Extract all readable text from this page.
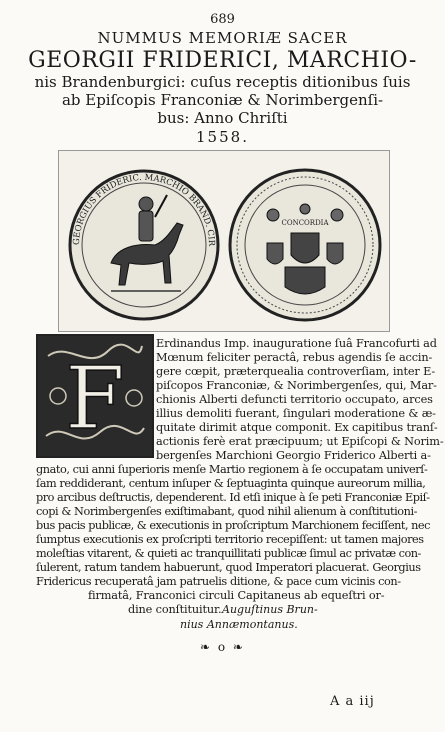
689
NUMMUS MEMORIÆ SACER
GEORGII FRIDERICI, MARCHIO-
nis Brandenburgici: cuſus receptis ditionibus ſuis
ab Epiſcopis Franconiæ & Norimbergenſi-
bus: Anno Chriſti
1558.
GEORGIUS FRIDERIC. MARCHIO BRAND. CIR
CONCORDIA
F
Erdinandus Imp. inauguratione ſuâ Francofurti ad
Mœnum feliciter peractâ, rebus agendis ſe accin-
gere cœpit, prӕterquealia controverſiam, inter E-
piſcopos Franconiæ, & Norimbergenſes, qui, Mar-
chionis Alberti defuncti territorio occupato, arces
illius demoliti fuerant, ſingulari moderatione & æ-
quitate dirimit atque componit. Ex capitibus tranſ-
actionis ferè erat præcipuum; ut Epiſcopi & Norim-
bergenſes Marchioni Georgio Friderico Alberti a-
gnato, cui anni ſuperioris menſe Martio regionem à ſe occupatam univerſ-
ſam reddiderant, centum inſuper & ſeptuaginta quinque aureorum millia,
pro arcibus deſtructis, dependerent. Id etſi inique à ſe peti Franconiæ Epiſ-
copi & Norimbergenſes exiſtimabant, quod nihil alienum à conſtitutioni-
bus pacis publicæ, & executionis in proſcriptum Marchionem feciſſent, nec
ſumptus executionis ex proſcripti territorio recepiſſent: ut tamen majores
moleſtias vitarent, & quieti ac tranquillitati publicæ ſimul ac privatæ con-
ſulerent, ratum tandem habuerunt, quod Imperatori placuerat. Georgius
Fridericus recuperatâ jam patruelis ditione, & pace cum vicinis con-
firmatâ, Franconici circuli Capitaneus ab equeſtri or-
dine conſtituitur. Auguſtinus Brun-
nius Annæmontanus.
❧ o ❧
A a iij
